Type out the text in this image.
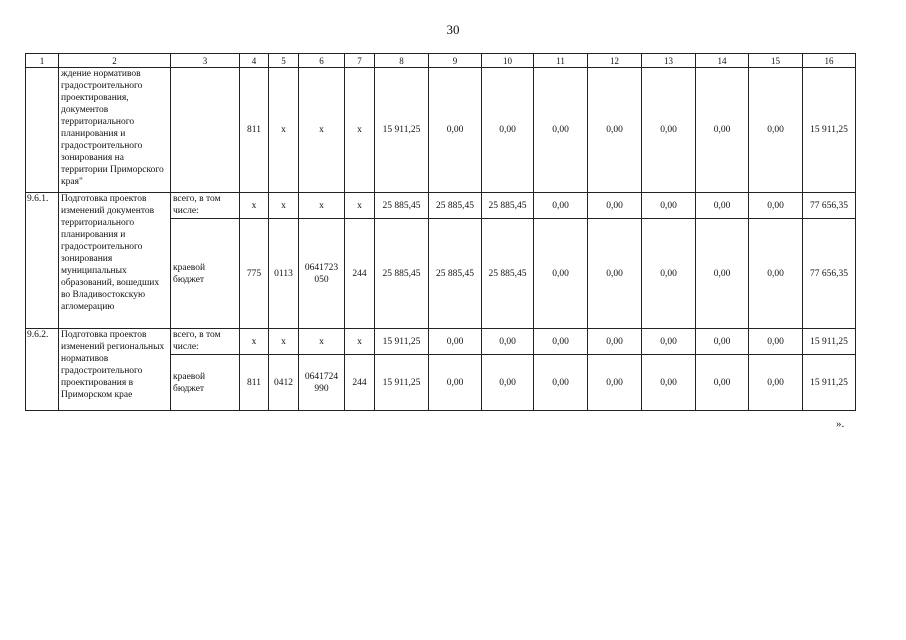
30
1	2	3	4	5	6	7	8	9	10	11	12	13	14	15	16
	ждение нормативов градостроительного проектирования, документов территориального планирования и градостроительного зонирования на территории Приморского края"		811	х	х	х	15 911,25	0,00	0,00	0,00	0,00	0,00	0,00	0,00	15 911,25
9.6.1.	Подготовка проектов изменений документов территориального планирования и градостроительного зонирования муниципальных образований, вошедших во Владивостокскую агломерацию	всего, в том числе:	х	х	х	х	25 885,45	25 885,45	25 885,45	0,00	0,00	0,00	0,00	0,00	77 656,35
		краевой бюджет	775	0113	0641723 050	244	25 885,45	25 885,45	25 885,45	0,00	0,00	0,00	0,00	0,00	77 656,35
9.6.2.	Подготовка проектов изменений региональных нормативов градостроительного проектирования в Приморском крае	всего, в том числе:	х	х	х	х	15 911,25	0,00	0,00	0,00	0,00	0,00	0,00	0,00	15 911,25
		краевой бюджет	811	0412	0641724 990	244	15 911,25	0,00	0,00	0,00	0,00	0,00	0,00	0,00	15 911,25
».
